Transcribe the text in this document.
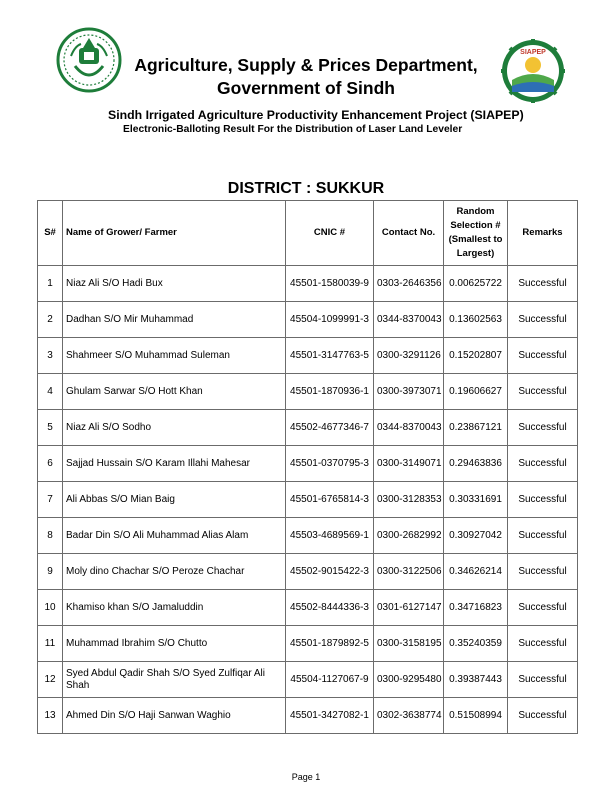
SIAPEP
Agriculture, Supply & Prices Department,
Government of Sindh
Sindh Irrigated Agriculture Productivity Enhancement Project (SIAPEP)
Electronic-Balloting Result For the Distribution of Laser Land Leveler
DISTRICT : SUKKUR
S#	Name of Grower/ Farmer	CNIC #	Contact No.	Random Selection # (Smallest to Largest)	Remarks
1	Niaz Ali S/O Hadi Bux	45501-1580039-9	0303-2646356	0.00625722	Successful
2	Dadhan S/O Mir Muhammad	45504-1099991-3	0344-8370043	0.13602563	Successful
3	Shahmeer S/O Muhammad Suleman	45501-3147763-5	0300-3291126	0.15202807	Successful
4	Ghulam Sarwar S/O Hott Khan	45501-1870936-1	0300-3973071	0.19606627	Successful
5	Niaz Ali S/O Sodho	45502-4677346-7	0344-8370043	0.23867121	Successful
6	Sajjad Hussain S/O Karam Illahi Mahesar	45501-0370795-3	0300-3149071	0.29463836	Successful
7	Ali Abbas S/O Mian Baig	45501-6765814-3	0300-3128353	0.30331691	Successful
8	Badar Din S/O Ali Muhammad Alias Alam	45503-4689569-1	0300-2682992	0.30927042	Successful
9	Moly dino Chachar S/O Peroze Chachar	45502-9015422-3	0300-3122506	0.34626214	Successful
10	Khamiso khan S/O Jamaluddin	45502-8444336-3	0301-6127147	0.34716823	Successful
11	Muhammad Ibrahim S/O Chutto	45501-1879892-5	0300-3158195	0.35240359	Successful
12	Syed Abdul Qadir Shah S/O Syed Zulfiqar Ali Shah	45504-1127067-9	0300-9295480	0.39387443	Successful
13	Ahmed Din S/O Haji Sanwan Waghio	45501-3427082-1	0302-3638774	0.51508994	Successful
Page 1
